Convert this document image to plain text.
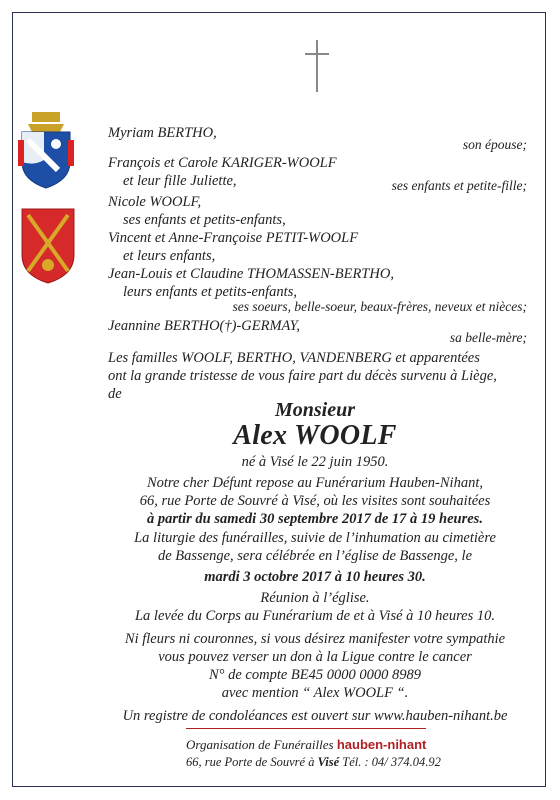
Myriam BERTHO,
son épouse;
François et Carole KARIGER-WOOLF
et leur fille Juliette,	ses enfants et petite-fille;
Nicole WOOLF,
ses enfants et petits-enfants,
Vincent et Anne-Françoise PETIT-WOOLF
et leurs enfants,
Jean-Louis et Claudine THOMASSEN-BERTHO,
leurs enfants et petits-enfants,
ses soeurs, belle-soeur, beaux-frères, neveux et nièces;
Jeannine BERTHO(†)-GERMAY,
sa belle-mère;
Les familles WOOLF, BERTHO, VANDENBERG et apparentées
ont la grande tristesse de vous faire part du décès survenu à Liège,
de
Monsieur
Alex WOOLF
né à Visé le 22 juin 1950.
Notre cher Défunt repose au Funérarium Hauben-Nihant,
66, rue Porte de Souvré à Visé, où les visites sont souhaitées
à partir du samedi 30 septembre 2017 de 17 à 19 heures.
La liturgie des funérailles, suivie de l’inhumation au cimetière
de Bassenge, sera célébrée en l’église de Bassenge, le
mardi 3 octobre 2017 à 10 heures 30.
Réunion à l’église.
La levée du Corps au Funérarium de et à Visé à 10 heures 10.
Ni fleurs ni couronnes, si vous désirez manifester votre sympathie
vous pouvez verser un don à la Ligue contre le cancer
N° de compte BE45 0000 0000 8989
avec mention “ Alex WOOLF “.
Un registre de condoléances est ouvert sur www.hauben-nihant.be
Organisation de Funérailles hauben-nihant
66, rue Porte de Souvré à Visé Tél. : 04/ 374.04.92
